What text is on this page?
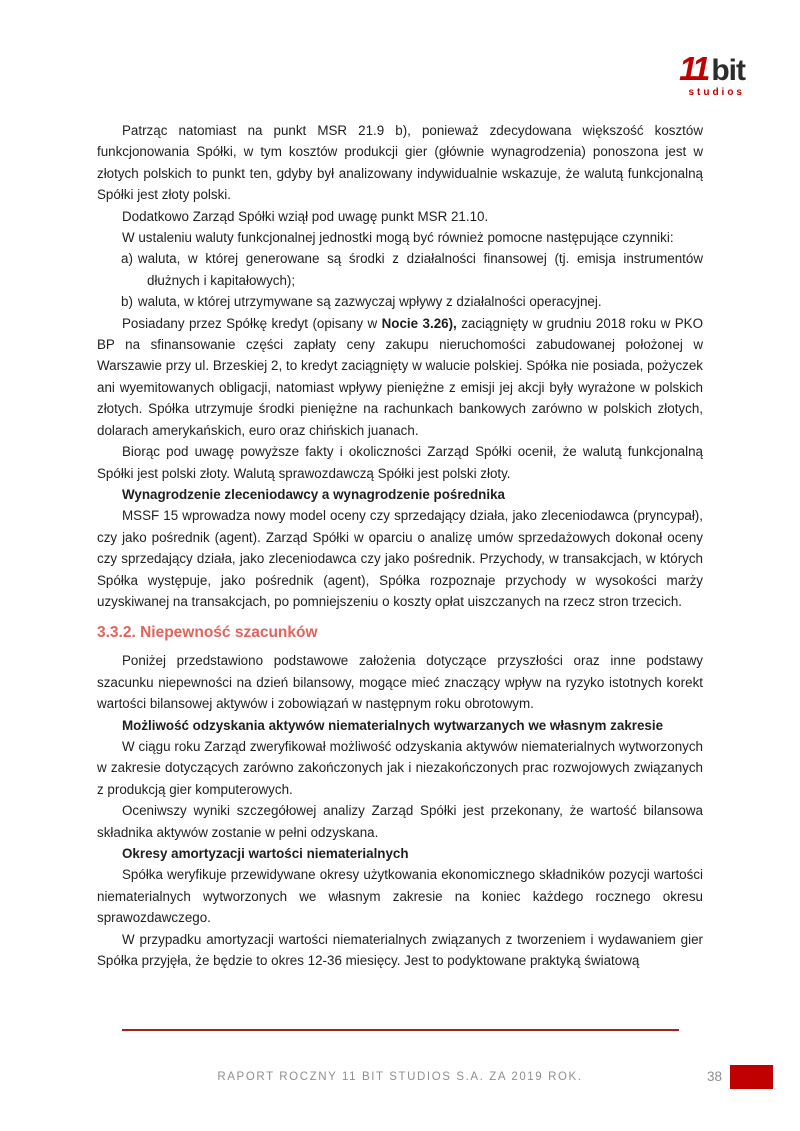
11 bit
studios

Patrząc natomiast na punkt MSR 21.9 b), ponieważ zdecydowana większość kosztów funkcjonowania Spółki, w tym kosztów produkcji gier (głównie wynagrodzenia) ponoszona jest w złotych polskich to punkt ten, gdyby był analizowany indywidualnie wskazuje, że walutą funkcjonalną Spółki jest złoty polski.

Dodatkowo Zarząd Spółki wziął pod uwagę punkt MSR 21.10.

W ustaleniu waluty funkcjonalnej jednostki mogą być również pomocne następujące czynniki:

a) waluta, w której generowane są środki z działalności finansowej (tj. emisja instrumentów dłużnych i kapitałowych);
b) waluta, w której utrzymywane są zazwyczaj wpływy z działalności operacyjnej.

Posiadany przez Spółkę kredyt (opisany w Nocie 3.26), zaciągnięty w grudniu 2018 roku w PKO BP na sfinansowanie części zapłaty ceny zakupu nieruchomości zabudowanej położonej w Warszawie przy ul. Brzeskiej 2, to kredyt zaciągnięty w walucie polskiej. Spółka nie posiada, pożyczek ani wyemitowanych obligacji, natomiast wpływy pieniężne z emisji jej akcji były wyrażone w polskich złotych. Spółka utrzymuje środki pieniężne na rachunkach bankowych zarówno w polskich złotych, dolarach amerykańskich, euro oraz chińskich juanach.

Biorąc pod uwagę powyższe fakty i okoliczności Zarząd Spółki ocenił, że walutą funkcjonalną Spółki jest polski złoty. Walutą sprawozdawczą Spółki jest polski złoty.

Wynagrodzenie zleceniodawcy a wynagrodzenie pośrednika

MSSF 15 wprowadza nowy model oceny czy sprzedający działa, jako zleceniodawca (pryncypał), czy jako pośrednik (agent). Zarząd Spółki w oparciu o analizę umów sprzedażowych dokonał oceny czy sprzedający działa, jako zleceniodawca czy jako pośrednik. Przychody, w transakcjach, w których Spółka występuje, jako pośrednik (agent), Spółka rozpoznaje przychody w wysokości marży uzyskiwanej na transakcjach, po pomniejszeniu o koszty opłat uiszczanych na rzecz stron trzecich.

3.3.2. Niepewność szacunków

Poniżej przedstawiono podstawowe założenia dotyczące przyszłości oraz inne podstawy szacunku niepewności na dzień bilansowy, mogące mieć znaczący wpływ na ryzyko istotnych korekt wartości bilansowej aktywów i zobowiązań w następnym roku obrotowym.

Możliwość odzyskania aktywów niematerialnych wytwarzanych we własnym zakresie

W ciągu roku Zarząd zweryfikował możliwość odzyskania aktywów niematerialnych wytworzonych w zakresie dotyczących zarówno zakończonych jak i niezakończonych prac rozwojowych związanych z produkcją gier komputerowych.

Oceniwszy wyniki szczegółowej analizy Zarząd Spółki jest przekonany, że wartość bilansowa składnika aktywów zostanie w pełni odzyskana.

Okresy amortyzacji wartości niematerialnych

Spółka weryfikuje przewidywane okresy użytkowania ekonomicznego składników pozycji wartości niematerialnych wytworzonych we własnym zakresie na koniec każdego rocznego okresu sprawozdawczego.

W przypadku amortyzacji wartości niematerialnych związanych z tworzeniem i wydawaniem gier Spółka przyjęła, że będzie to okres 12-36 miesięcy. Jest to podyktowane praktyką światową

RAPORT ROCZNY 11 BIT STUDIOS S.A. ZA 2019 ROK.	38
